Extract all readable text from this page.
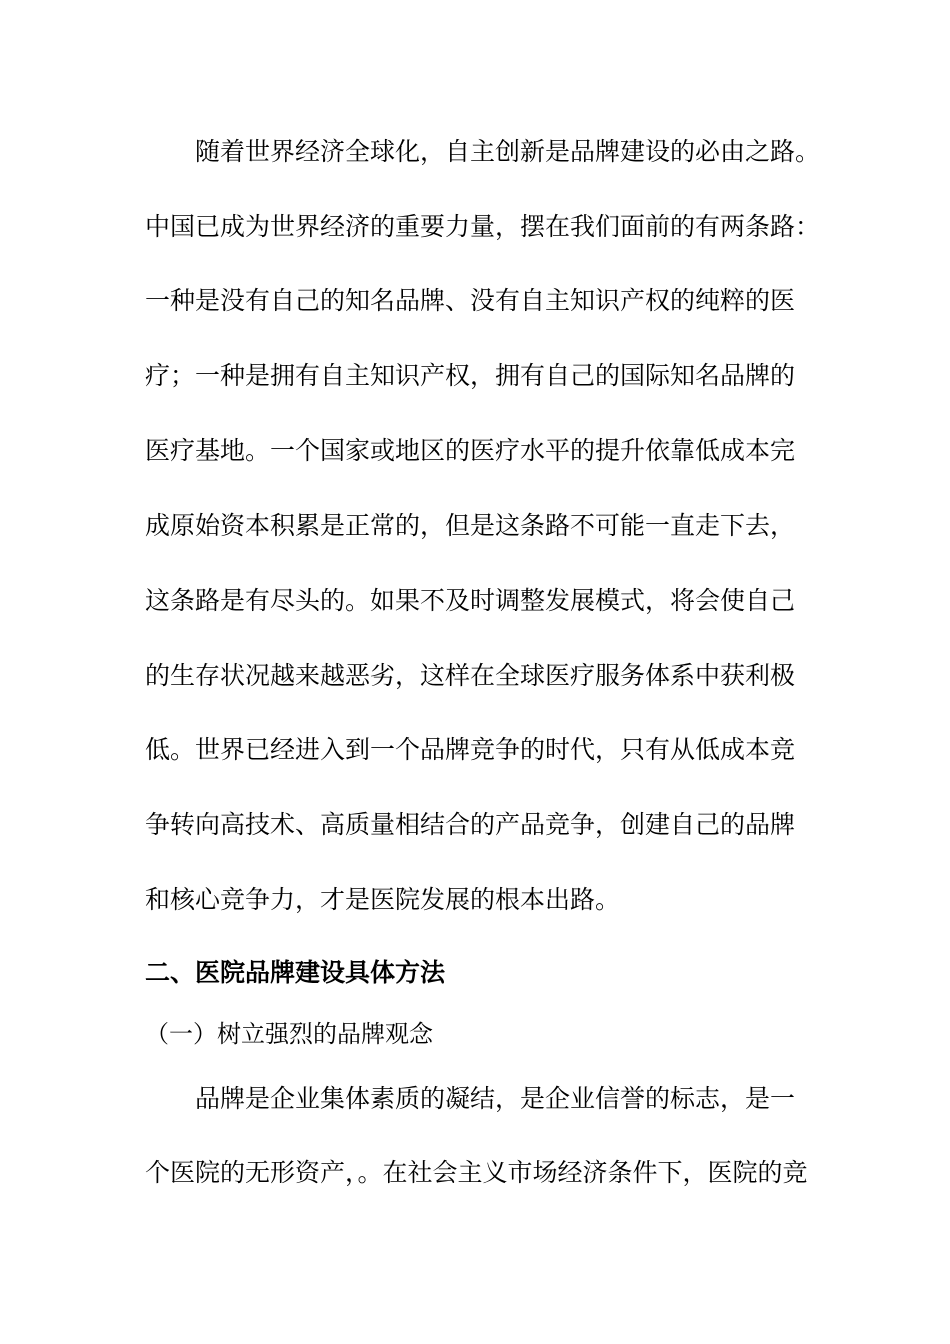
随着世界经济全球化，自主创新是品牌建设的必由之路。
中国已成为世界经济的重要力量，摆在我们面前的有两条路：
一种是没有自己的知名品牌、没有自主知识产权的纯粹的医
疗；一种是拥有自主知识产权，拥有自己的国际知名品牌的
医疗基地。一个国家或地区的医疗水平的提升依靠低成本完
成原始资本积累是正常的，但是这条路不可能一直走下去，
这条路是有尽头的。如果不及时调整发展模式，将会使自己
的生存状况越来越恶劣，这样在全球医疗服务体系中获利极
低。世界已经进入到一个品牌竞争的时代，只有从低成本竞
争转向高技术、高质量相结合的产品竞争，创建自己的品牌
和核心竞争力，才是医院发展的根本出路。
二、医院品牌建设具体方法
（一）树立强烈的品牌观念
品牌是企业集体素质的凝结，是企业信誉的标志，是一
个医院的无形资产，。在社会主义市场经济条件下，医院的竞
